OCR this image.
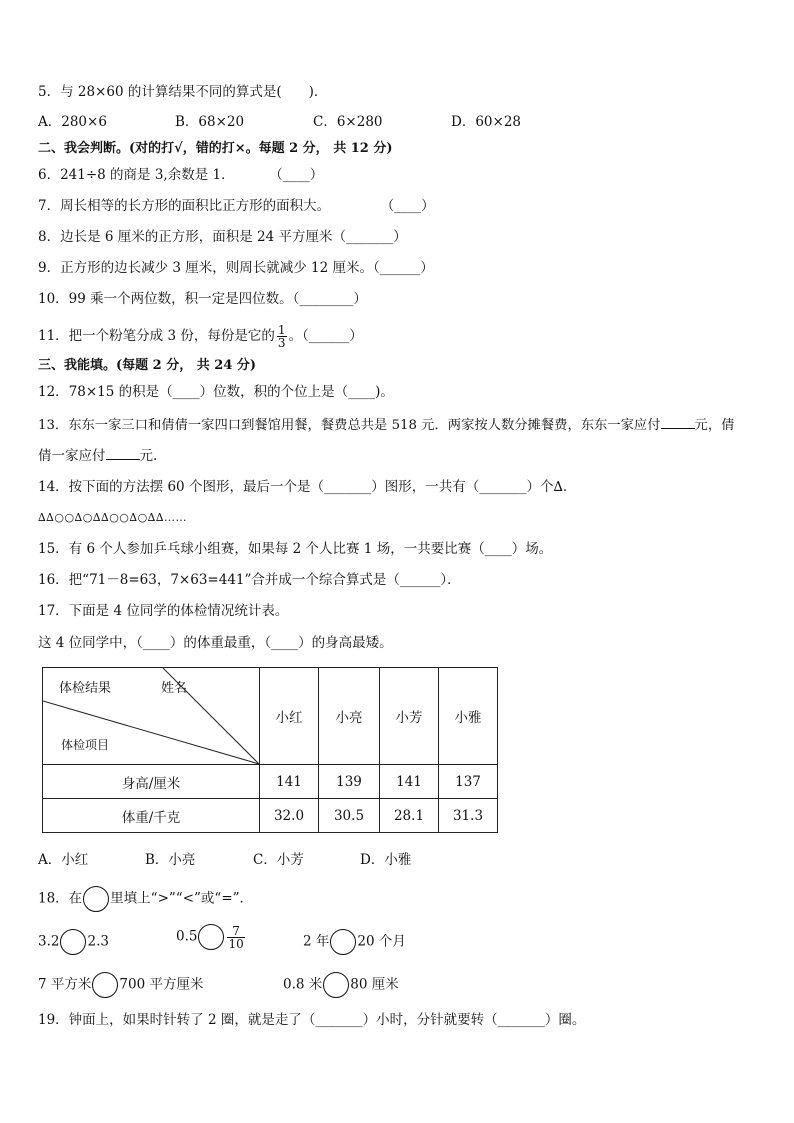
5．与 28×60 的计算结果不同的算式是(　　)．
A．280×6	B．68×20	C．6×280	D．60×28
二、我会判断。(对的打√，错的打×。每题 2 分， 共 12 分)
6．241÷8 的商是 3,余数是 1．	（____）
7．周长相等的长方形的面积比正方形的面积大。	（____）
8．边长是 6 厘米的正方形，面积是 24 平方厘米（_______）
9．正方形的边长减少 3 厘米，则周长就减少 12 厘米。（______）
10．99 乘一个两位数，积一定是四位数。（________）
11．把一个粉笔分成 3 份，每份是它的 $\frac{1}{3}$ 。（______）
三、我能填。(每题 2 分， 共 24 分)
12．78×15 的积是（____）位数，积的个位上是（____)。
13．东东一家三口和倩倩一家四口到餐馆用餐，餐费总共是 518 元．两家按人数分摊餐费，东东一家应付	元，倩
倩一家应付	元.
14．按下面的方法摆 60 个图形，最后一个是（_______）图形，一共有（_______）个∆．
∆∆○○∆○∆∆○○∆○∆∆……
15．有 6 个人参加乒乓球小组赛，如果每 2 个人比赛 1 场，一共要比赛（____）场。
16．把“71－8=63，7×63=441”合并成一个综合算式是（______）．
17．下面是 4 位同学的体检情况统计表。
这 4 位同学中，（____）的体重最重，（____）的身高最矮。
体检结果 姓名
体检项目	小红	小亮	小芳	小雅
身高/厘米	141	139	141	137
体重/千克	32.0	30.5	28.1	31.3
A．小红	B．小亮	C．小芳	D．小雅
18．在 里填上“>”“<”或“=”．
3.2 2.3	0.5	$\frac{7}{10}$	2 年 20 个月
7 平方米 700 平方厘米	0.8 米 80 厘米
19．钟面上，如果时针转了 2 圈，就是走了（_______）小时，分针就要转（_______）圈。
